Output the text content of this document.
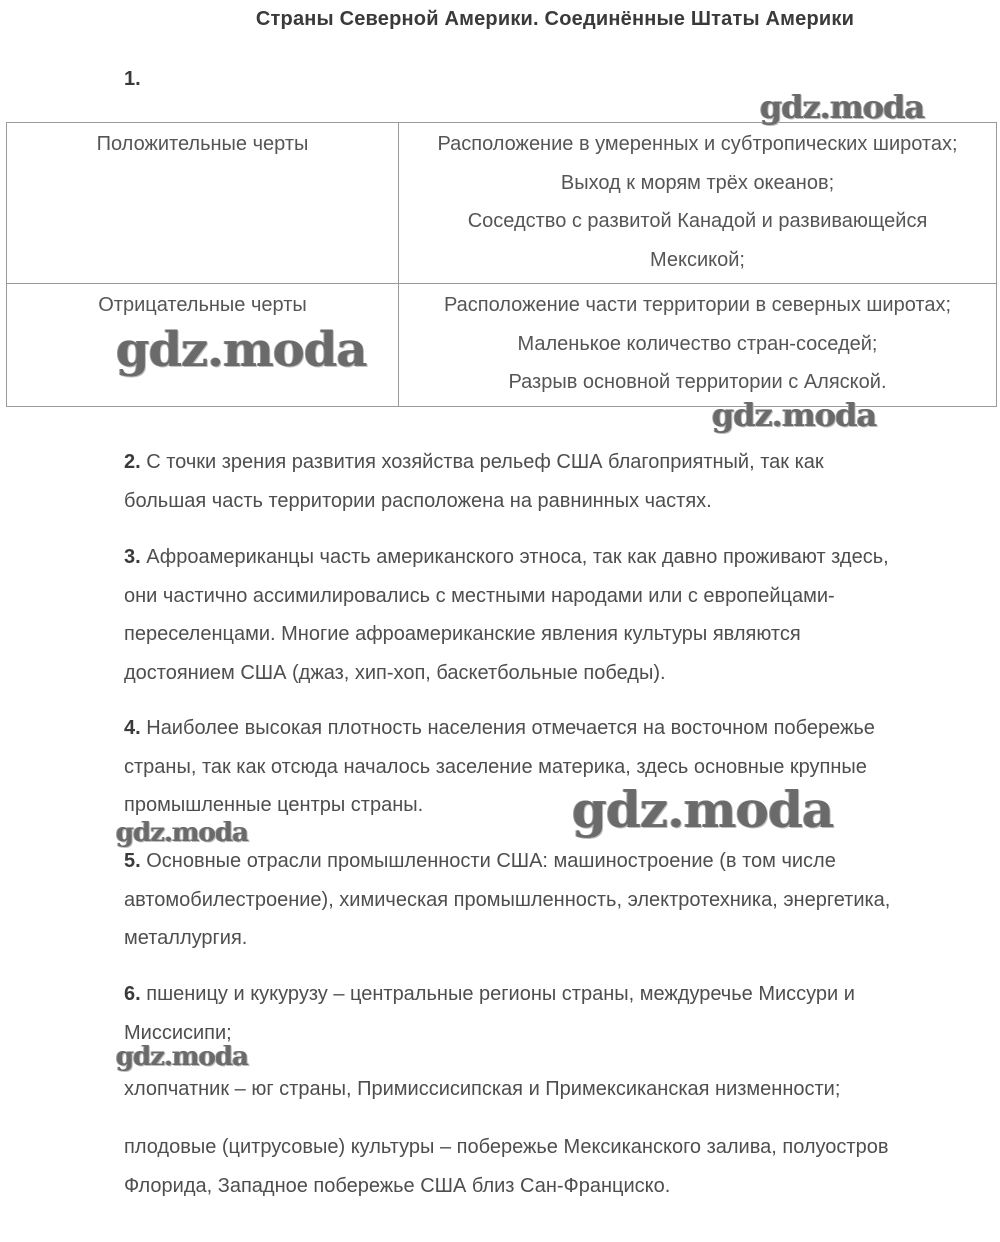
Страны Северной Америки. Соединённые Штаты Америки
1.
Положительные черты	Расположение в умеренных и субтропических широтах;
Выход к морям трёх океанов;
Соседство с развитой Канадой и развивающейся
Мексикой;

Отрицательные черты	Расположение части территории в северных широтах;
Маленькое количество стран-соседей;
Разрыв основной территории с Аляской.
2. С точки зрения развития хозяйства рельеф США благоприятный, так как
большая часть территории расположена на равнинных частях.
3. Афроамериканцы часть американского этноса, так как давно проживают здесь,
они частично ассимилировались с местными народами или с европейцами-
переселенцами. Многие афроамериканские явления культуры являются
достоянием США (джаз, хип-хоп, баскетбольные победы).
4. Наиболее высокая плотность населения отмечается на восточном побережье
страны, так как отсюда началось заселение материка, здесь основные крупные
промышленные центры страны.
5. Основные отрасли промышленности США: машиностроение (в том числе
автомобилестроение), химическая промышленность, электротехника, энергетика,
металлургия.
6. пшеницу и кукурузу – центральные регионы страны, междуречье Миссури и
Миссисипи;
хлопчатник – юг страны, Примиссисипская и Примексиканская низменности;
плодовые (цитрусовые) культуры – побережье Мексиканского залива, полуостров
Флорида, Западное побережье США близ Сан-Франциско.
gdz.moda
gdz.moda
gdz.moda
gdz.moda
gdz.moda
gdz.moda
